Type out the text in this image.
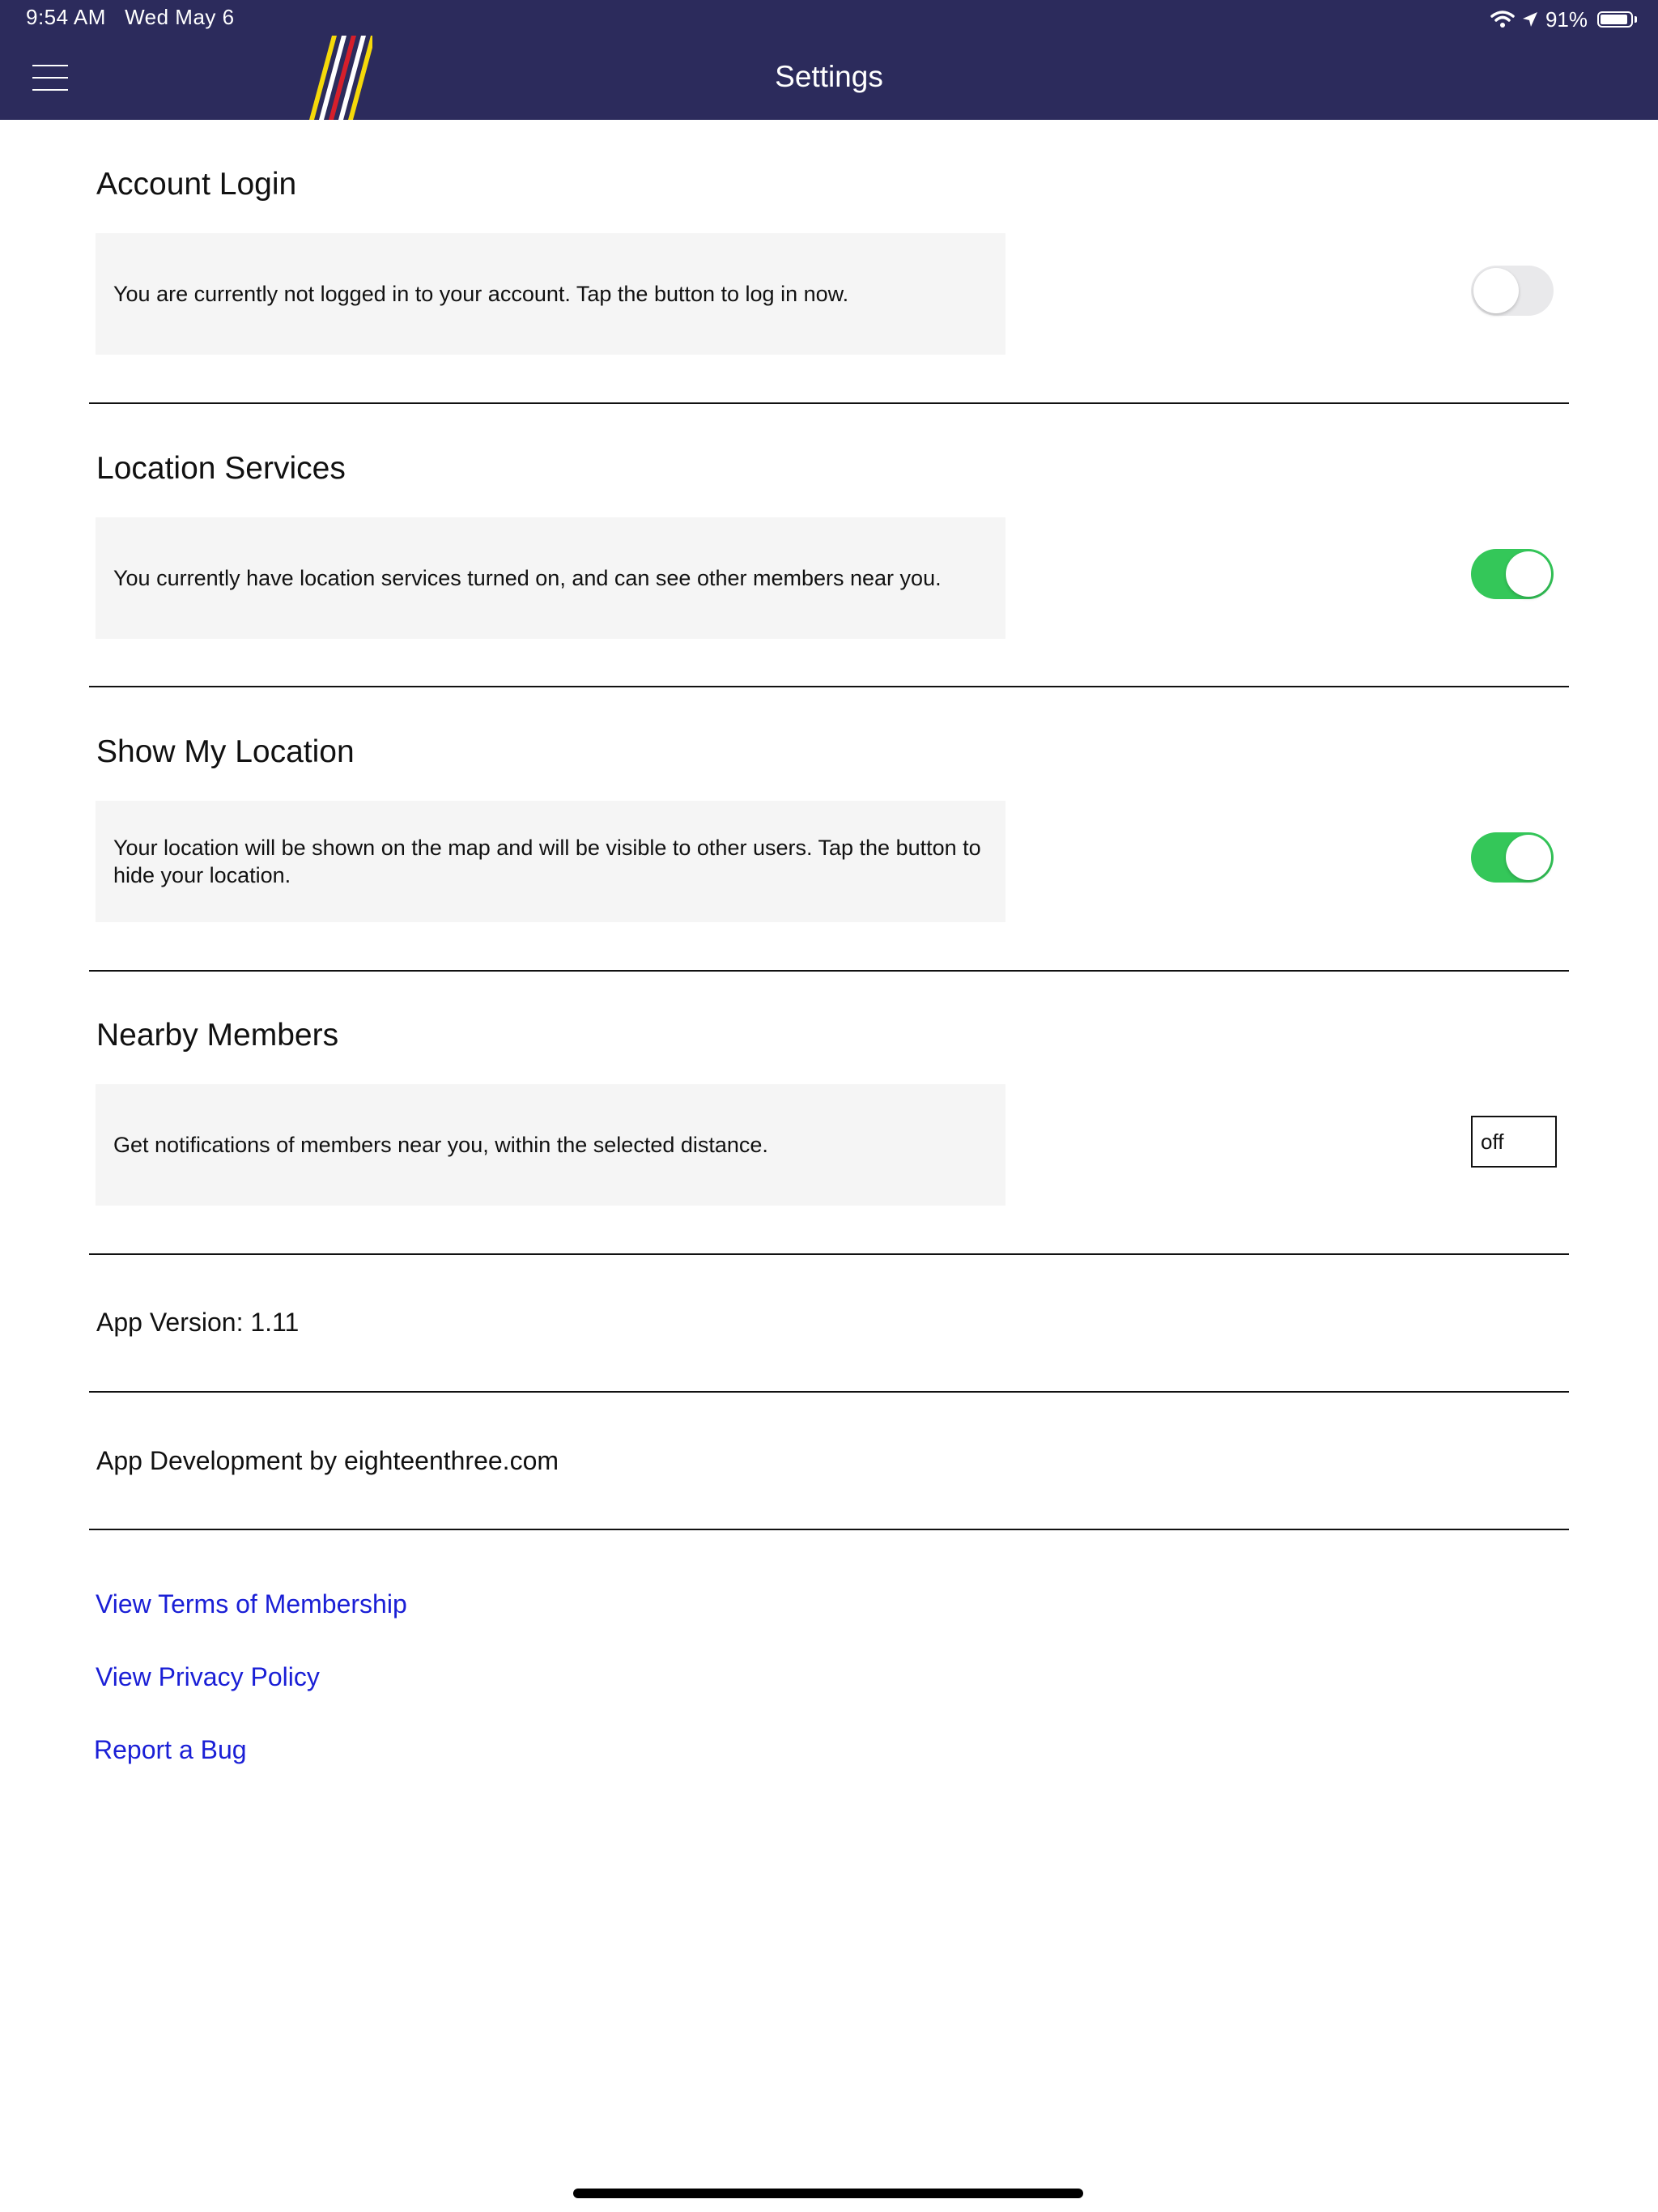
9:54 AM Wed May 6	91%
Settings
Account Login
You are currently not logged in to your account. Tap the button to log in now.
Location Services
You currently have location services turned on, and can see other members near you.
Show My Location
Your location will be shown on the map and will be visible to other users. Tap the button to hide your location.
Nearby Members
Get notifications of members near you, within the selected distance.	off
App Version: 1.11
App Development by eighteenthree.com
View Terms of Membership
View Privacy Policy
Report a Bug
